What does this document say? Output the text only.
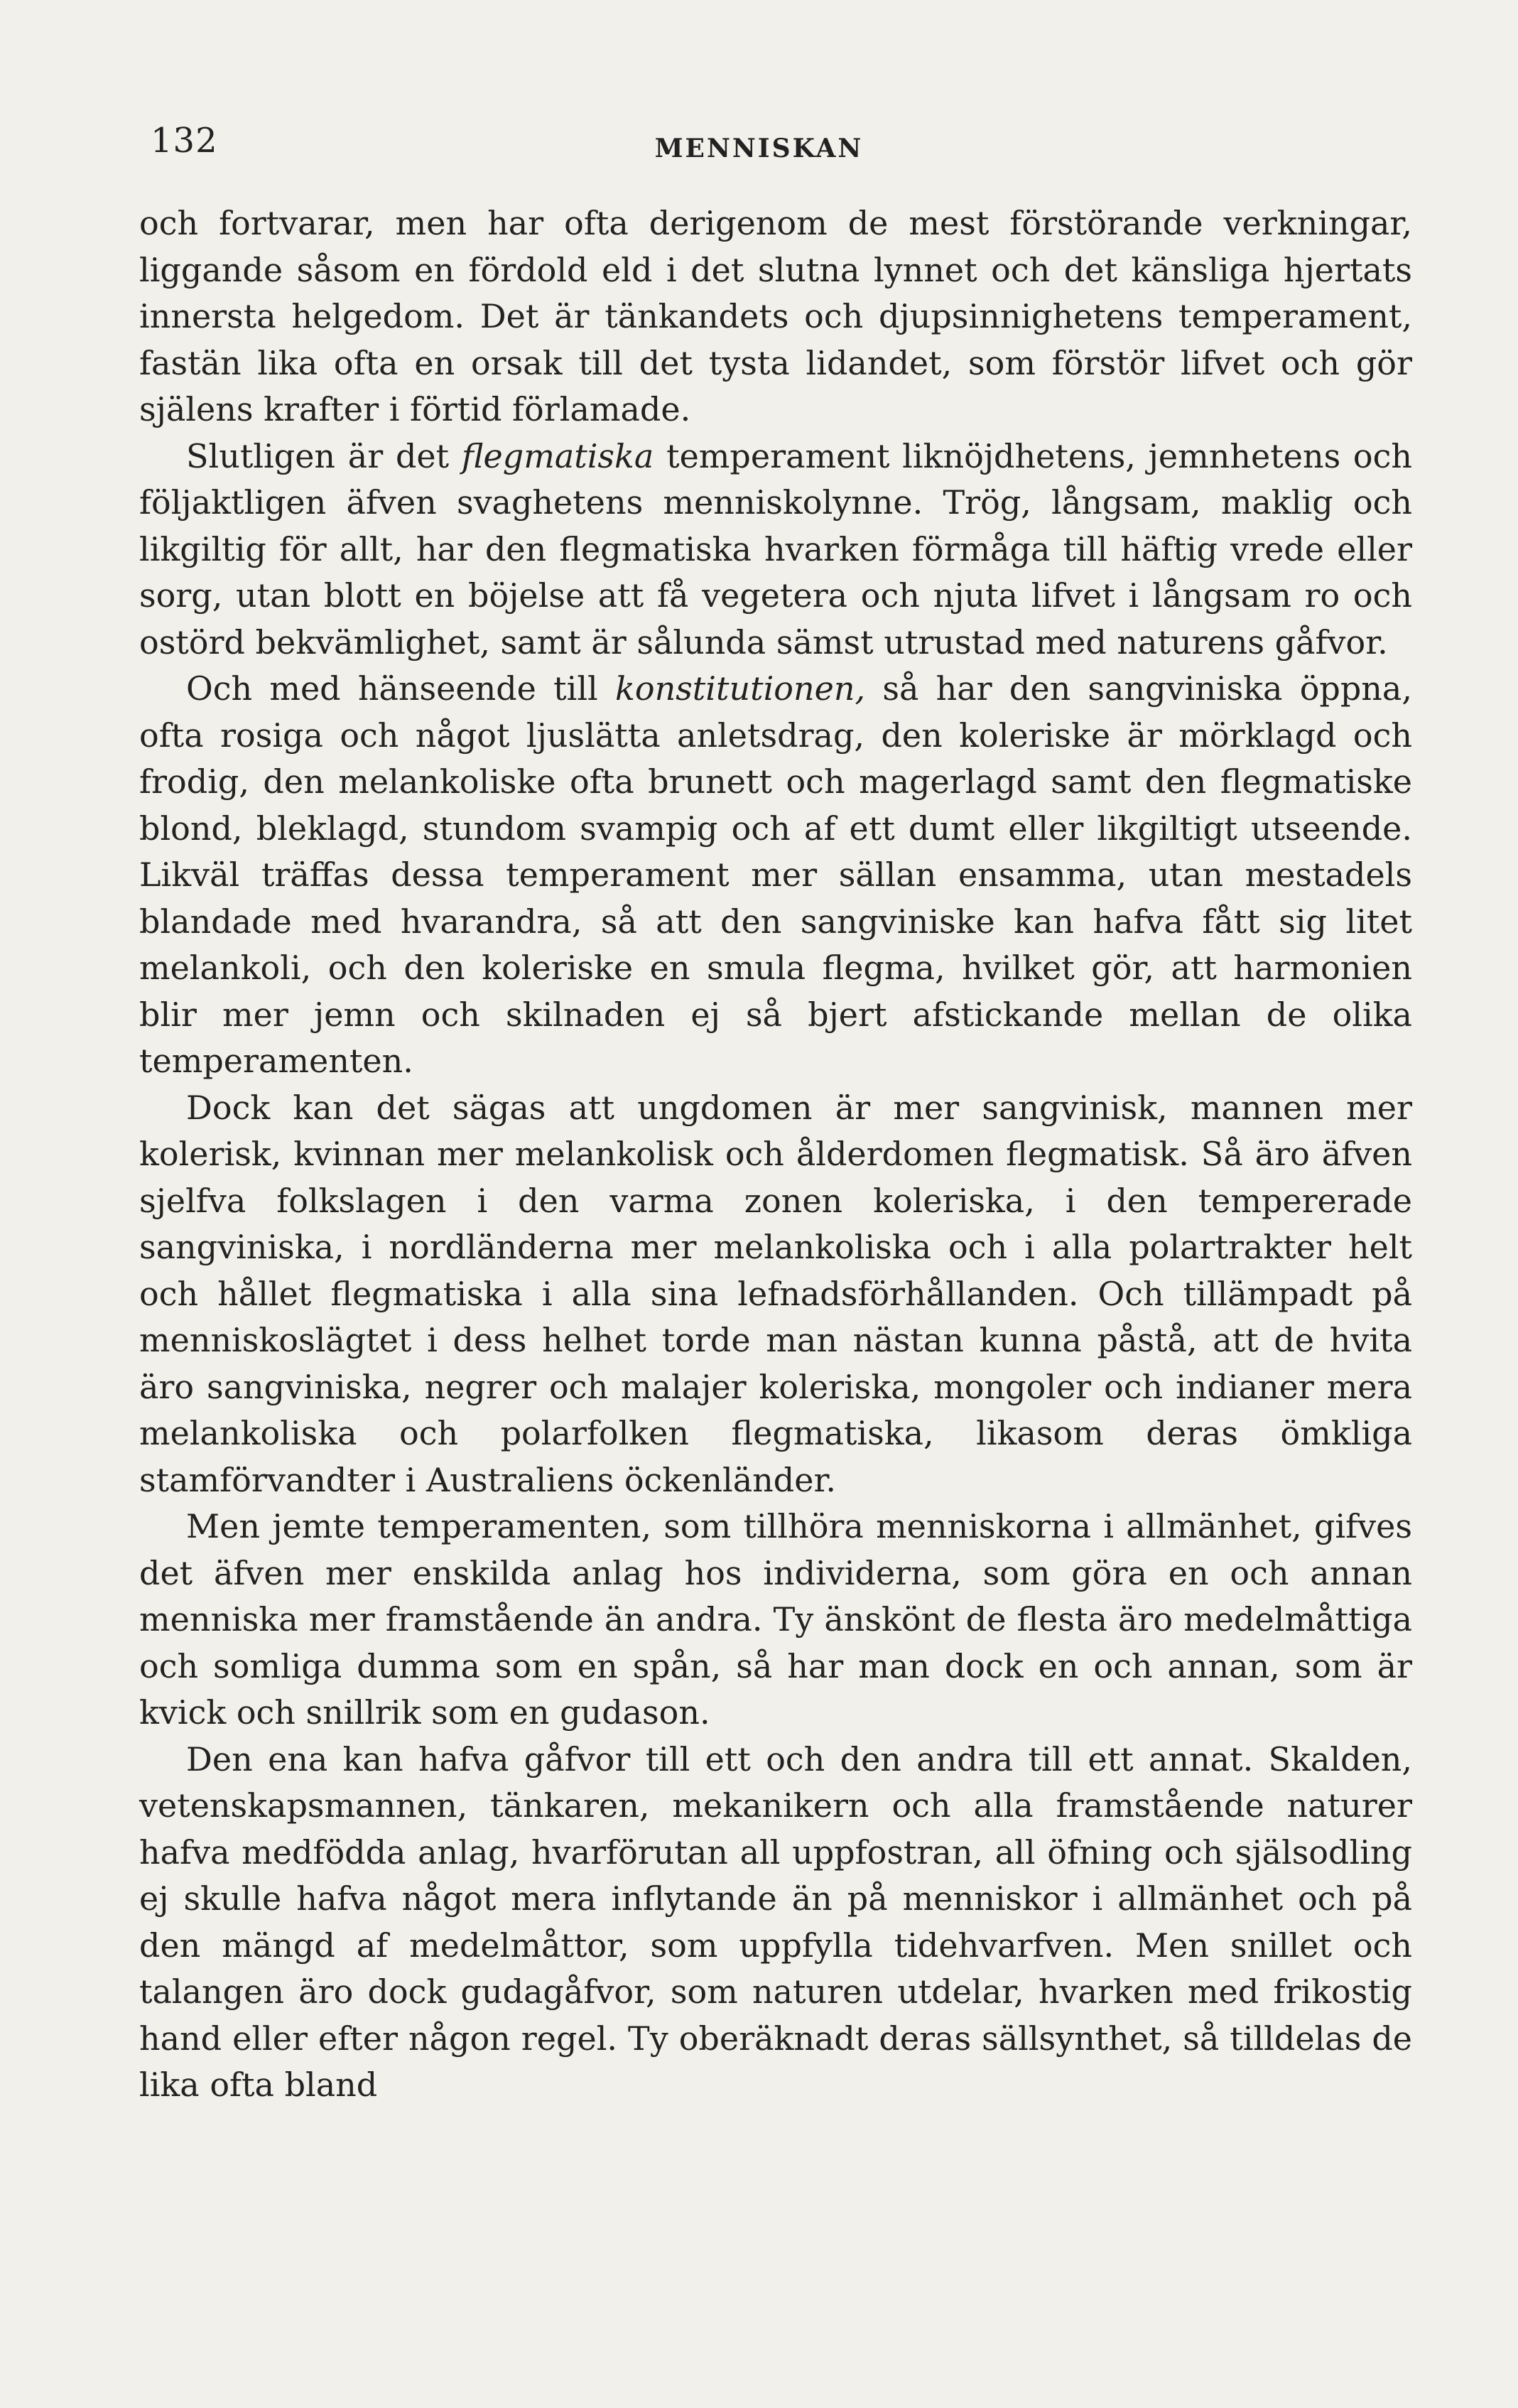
132	MENNISKAN

och fortvarar, men har ofta derigenom de mest förstörande verkningar, liggande såsom en fördold eld i det slutna lynnet och det känsliga hjertats innersta helgedom. Det är tänkandets och djupsinnighetens temperament, fastän lika ofta en orsak till det tysta lidandet, som förstör lifvet och gör själens krafter i förtid förlamade.

Slutligen är det flegmatiska temperament liknöjdhetens, jemnhetens och följaktligen äfven svaghetens menniskolynne. Trög, långsam, maklig och likgiltig för allt, har den flegmatiska hvarken förmåga till häftig vrede eller sorg, utan blott en böjelse att få vegetera och njuta lifvet i långsam ro och ostörd bekvämlighet, samt är sålunda sämst utrustad med naturens gåfvor.

Och med hänseende till konstitutionen, så har den sangviniska öppna, ofta rosiga och något ljuslätta anletsdrag, den koleriske är mörklagd och frodig, den melankoliske ofta brunett och magerlagd samt den flegmatiske blond, bleklagd, stundom svampig och af ett dumt eller likgiltigt utseende. Likväl träffas dessa temperament mer sällan ensamma, utan mestadels blandade med hvarandra, så att den sangviniske kan hafva fått sig litet melankoli, och den koleriske en smula flegma, hvilket gör, att harmonien blir mer jemn och skilnaden ej så bjert afstickande mellan de olika temperamenten.

Dock kan det sägas att ungdomen är mer sangvinisk, mannen mer kolerisk, kvinnan mer melankolisk och ålderdomen flegmatisk. Så äro äfven sjelfva folkslagen i den varma zonen koleriska, i den tempererade sangviniska, i nordländerna mer melankoliska och i alla polartrakter helt och hållet flegmatiska i alla sina lefnadsförhållanden. Och tillämpadt på menniskoslägtet i dess helhet torde man nästan kunna påstå, att de hvita äro sangviniska, negrer och malajer koleriska, mongoler och indianer mera melankoliska och polarfolken flegmatiska, likasom deras ömkliga stamförvandter i Australiens öckenländer.

Men jemte temperamenten, som tillhöra menniskorna i allmänhet, gifves det äfven mer enskilda anlag hos individerna, som göra en och annan menniska mer framstående än andra. Ty änskönt de flesta äro medelmåttiga och somliga dumma som en spån, så har man dock en och annan, som är kvick och snillrik som en gudason.

Den ena kan hafva gåfvor till ett och den andra till ett annat. Skalden, vetenskapsmannen, tänkaren, mekanikern och alla framstående naturer hafva medfödda anlag, hvarförutan all uppfostran, all öfning och själsodling ej skulle hafva något mera inflytande än på menniskor i allmänhet och på den mängd af medelmåttor, som uppfylla tidehvarfven. Men snillet och talangen äro dock gudagåfvor, som naturen utdelar, hvarken med frikostig hand eller efter någon regel. Ty oberäknadt deras sällsynthet, så tilldelas de lika ofta bland
